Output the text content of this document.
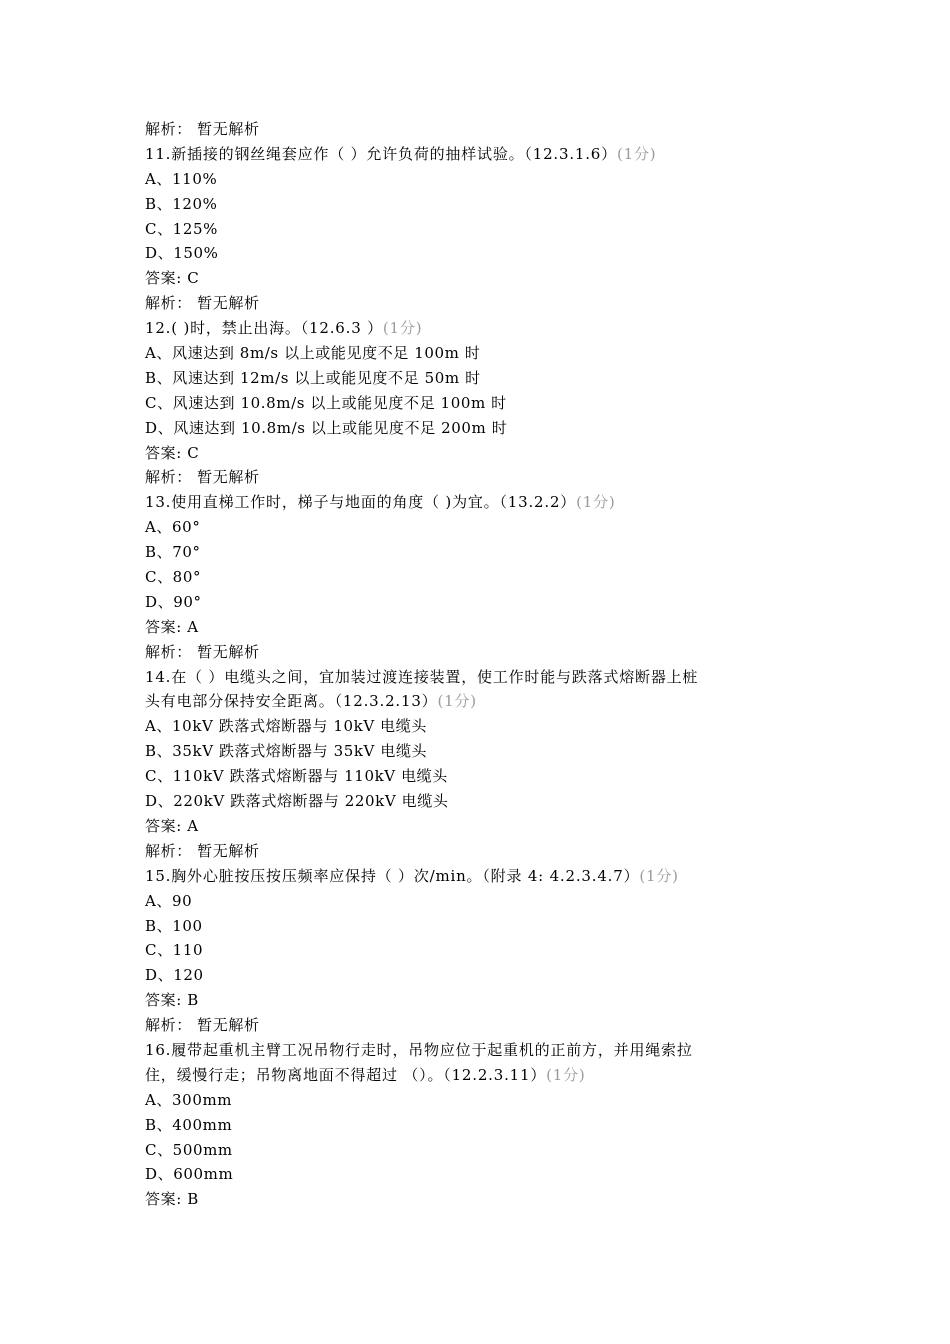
解析： 暂无解析
11.新插接的钢丝绳套应作（ ）允许负荷的抽样试验。（12.3.1.6）(1分)
A、110%
B、120%
C、125%
D、150%
答案: C
解析： 暂无解析
12.( )时，禁止出海。（12.6.3 ）(1分)
A、风速达到 8m/s 以上或能见度不足 100m 时
B、风速达到 12m/s 以上或能见度不足 50m 时
C、风速达到 10.8m/s 以上或能见度不足 100m 时
D、风速达到 10.8m/s 以上或能见度不足 200m 时
答案: C
解析： 暂无解析
13.使用直梯工作时，梯子与地面的角度（ )为宜。（13.2.2）(1分)
A、60°
B、70°
C、80°
D、90°
答案: A
解析： 暂无解析
14.在（ ）电缆头之间，宜加装过渡连接装置，使工作时能与跌落式熔断器上桩
头有电部分保持安全距离。（12.3.2.13）(1分)
A、10kV 跌落式熔断器与 10kV 电缆头
B、35kV 跌落式熔断器与 35kV 电缆头
C、110kV 跌落式熔断器与 110kV 电缆头
D、220kV 跌落式熔断器与 220kV 电缆头
答案: A
解析： 暂无解析
15.胸外心脏按压按压频率应保持（ ）次/min。（附录 4: 4.2.3.4.7）(1分)
A、90
B、100
C、110
D、120
答案: B
解析： 暂无解析
16.履带起重机主臂工况吊物行走时，吊物应位于起重机的正前方，并用绳索拉
住，缓慢行走；吊物离地面不得超过 （）。（12.2.3.11）(1分)
A、300mm
B、400mm
C、500mm
D、600mm
答案: B
